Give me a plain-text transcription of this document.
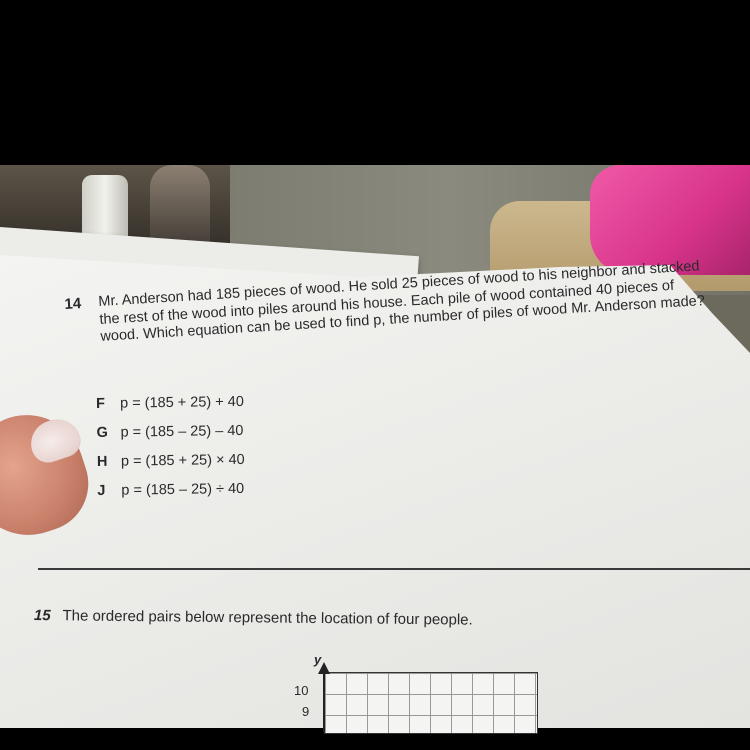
14 Mr. Anderson had 185 pieces of wood. He sold 25 pieces of wood to his neighbor and stacked the rest of the wood into piles around his house. Each pile of wood contained 40 pieces of wood. Which equation can be used to find p, the number of piles of wood Mr. Anderson made?
F	p = (185 + 25) + 40
G p = (185 – 25) – 40
H p = (185 + 25) × 40
J	p = (185 – 25) ÷ 40
15 The ordered pairs below represent the location of four people.
y
10
9
